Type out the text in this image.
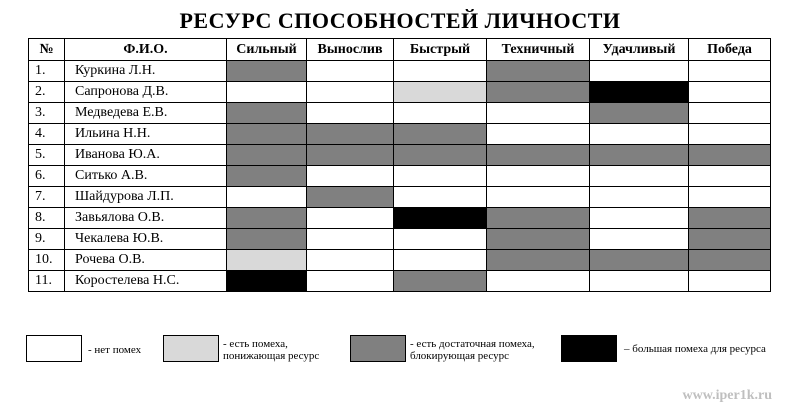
РЕСУРС СПОСОБНОСТЕЙ ЛИЧНОСТИ
№	Ф.И.О.	Сильный	Вынослив	Быстрый	Техничный	Удачливый	Победа
1.	Куркина Л.Н.						
2.	Сапронова Д.В.						
3.	Медведева Е.В.						
4.	Ильина Н.Н.						
5.	Иванова Ю.А.						
6.	Ситько А.В.						
7.	Шайдурова Л.П.						
8.	Завьялова О.В.						
9.	Чекалева Ю.В.						
10.	Рочева О.В.						
11.	Коростелева Н.С.						
- нет помех	- есть помеха,
понижающая ресурс
- есть достаточная помеха,
блокирующая ресурс
– большая помеха для ресурса
www.iper1k.ru
